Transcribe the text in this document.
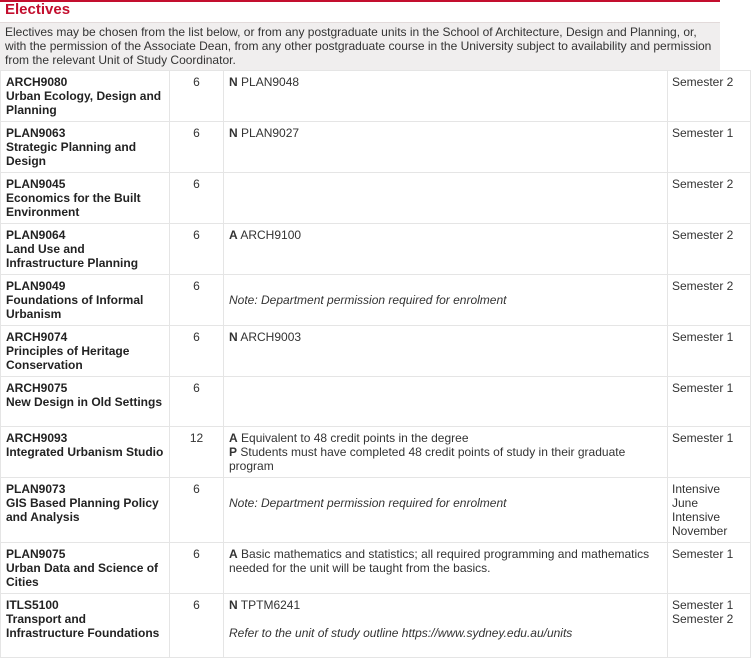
Electives
Electives may be chosen from the list below, or from any postgraduate units in the School of Architecture, Design and Planning, or, with the permission of the Associate Dean, from any other postgraduate course in the University subject to availability and permission from the relevant Unit of Study Coordinator.
ARCH9080
Urban Ecology, Design and Planning	6	N PLAN9048	Semester 2

PLAN9063
Strategic Planning and Design	6	N PLAN9027	Semester 1

PLAN9045
Economics for the Built Environment	6		Semester 2

PLAN9064
Land Use and Infrastructure Planning	6	A ARCH9100	Semester 2

PLAN9049
Foundations of Informal Urbanism	6	Note: Department permission required for enrolment	Semester 2

ARCH9074
Principles of Heritage Conservation	6	N ARCH9003	Semester 1

ARCH9075
New Design in Old Settings	6		Semester 1

ARCH9093
Integrated Urbanism Studio	12	A Equivalent to 48 credit points in the degree
P Students must have completed 48 credit points of study in their graduate program	Semester 1

PLAN9073
GIS Based Planning Policy and Analysis	6	Note: Department permission required for enrolment	Intensive June
Intensive November

PLAN9075
Urban Data and Science of Cities	6	A Basic mathematics and statistics; all required programming and mathematics needed for the unit will be taught from the basics.	Semester 1

ITLS5100
Transport and Infrastructure Foundations	6	N TPTM6241
Refer to the unit of study outline https://www.sydney.edu.au/units	Semester 1
Semester 2
